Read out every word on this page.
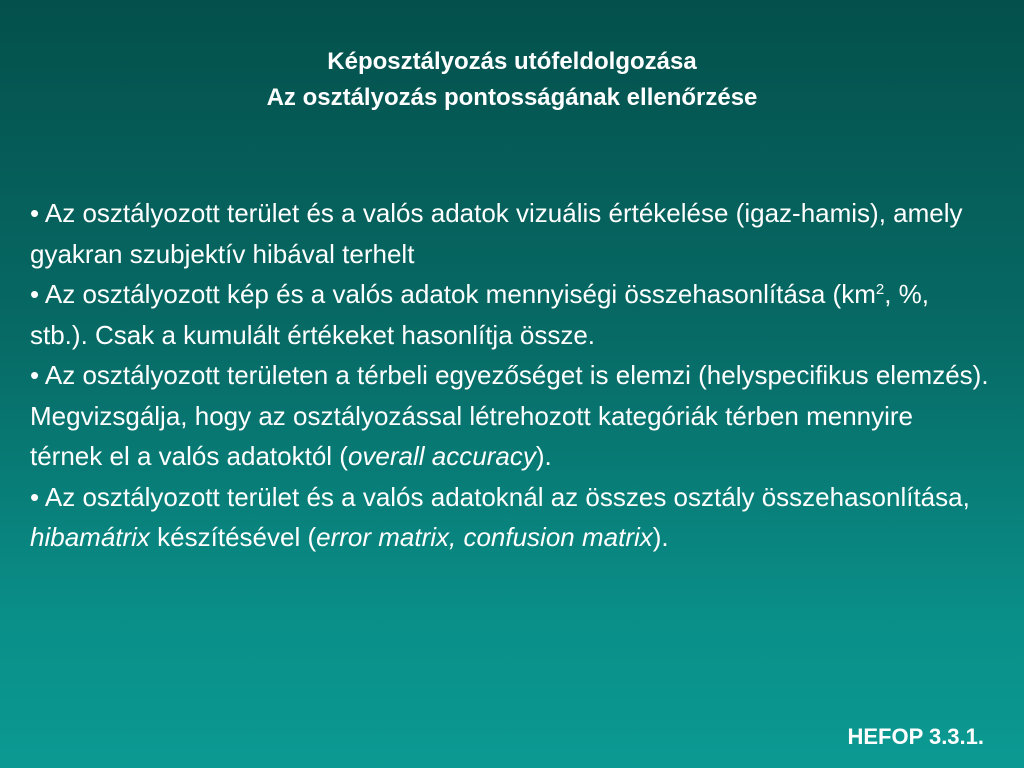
Képosztályozás utófeldolgozása
Az osztályozás pontosságának ellenőrzése

• Az osztályozott terület és a valós adatok vizuális értékelése (igaz-hamis), amely gyakran szubjektív hibával terhelt

• Az osztályozott kép és a valós adatok mennyiségi összehasonlítása ($km^2$, %, stb.). Csak a kumulált értékeket hasonlítja össze.

• Az osztályozott területen a térbeli egyezőséget is elemzi (helyspecifikus elemzés). Megvizsgálja, hogy az osztályozással létrehozott kategóriák térben mennyire térnek el a valós adatoktól (overall accuracy).

• Az osztályozott terület és a valós adatoknál az összes osztály összehasonlítása, hibamátrix készítésével (error matrix, confusion matrix).

HEFOP 3.3.1.
